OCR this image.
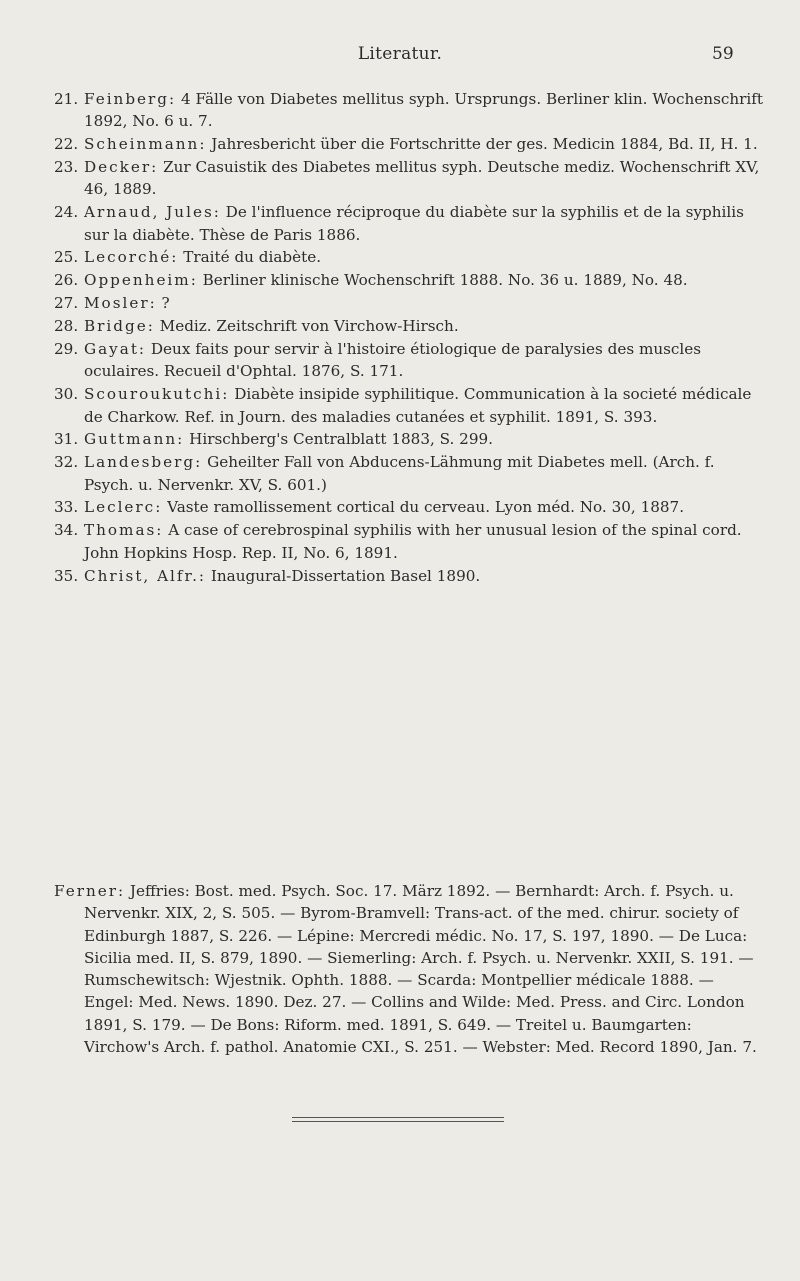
Literatur.	59
21. Feinberg: 4 Fälle von Diabetes mellitus syph. Ursprungs. Berliner klin. Wochenschrift 1892, No. 6 u. 7.
22. Scheinmann: Jahresbericht über die Fortschritte der ges. Medicin 1884, Bd. II, H. 1.
23. Decker: Zur Casuistik des Diabetes mellitus syph. Deutsche mediz. Wochenschrift XV, 46, 1889.
24. Arnaud, Jules: De l'influence réciproque du diabète sur la syphilis et de la syphilis sur la diabète. Thèse de Paris 1886.
25. Lecorché: Traité du diabète.
26. Oppenheim: Berliner klinische Wochenschrift 1888. No. 36 u. 1889, No. 48.
27. Mosler: ?
28. Bridge: Mediz. Zeitschrift von Virchow-Hirsch.
29. Gayat: Deux faits pour servir à l'histoire étiologique de paralysies des muscles oculaires. Recueil d'Ophtal. 1876, S. 171.
30. Scouroukutchi: Diabète insipide syphilitique. Communication à la societé médicale de Charkow. Ref. in Journ. des maladies cutanées et syphilit. 1891, S. 393.
31. Guttmann: Hirschberg's Centralblatt 1883, S. 299.
32. Landesberg: Geheilter Fall von Abducens-Lähmung mit Diabetes mell. (Arch. f. Psych. u. Nervenkr. XV, S. 601.)
33. Leclerc: Vaste ramollissement cortical du cerveau. Lyon méd. No. 30, 1887.
34. Thomas: A case of cerebrospinal syphilis with her unusual lesion of the spinal cord. John Hopkins Hosp. Rep. II, No. 6, 1891.
35. Christ, Alfr.: Inaugural-Dissertation Basel 1890.
Ferner: Jeffries: Bost. med. Psych. Soc. 17. März 1892. — Bernhardt: Arch. f. Psych. u. Nervenkr. XIX, 2, S. 505. — Byrom-Bramvell: Trans-act. of the med. chirur. society of Edinburgh 1887, S. 226. — Lépine: Mercredi médic. No. 17, S. 197, 1890. — De Luca: Sicilia med. II, S. 879, 1890. — Siemerling: Arch. f. Psych. u. Nervenkr. XXII, S. 191. — Rumschewitsch: Wjestnik. Ophth. 1888. — Scarda: Montpellier médicale 1888. — Engel: Med. News. 1890. Dez. 27. — Collins and Wilde: Med. Press. and Circ. London 1891, S. 179. — De Bons: Riform. med. 1891, S. 649. — Treitel u. Baumgarten: Virchow's Arch. f. pathol. Anatomie CXI., S. 251. — Webster: Med. Record 1890, Jan. 7.
